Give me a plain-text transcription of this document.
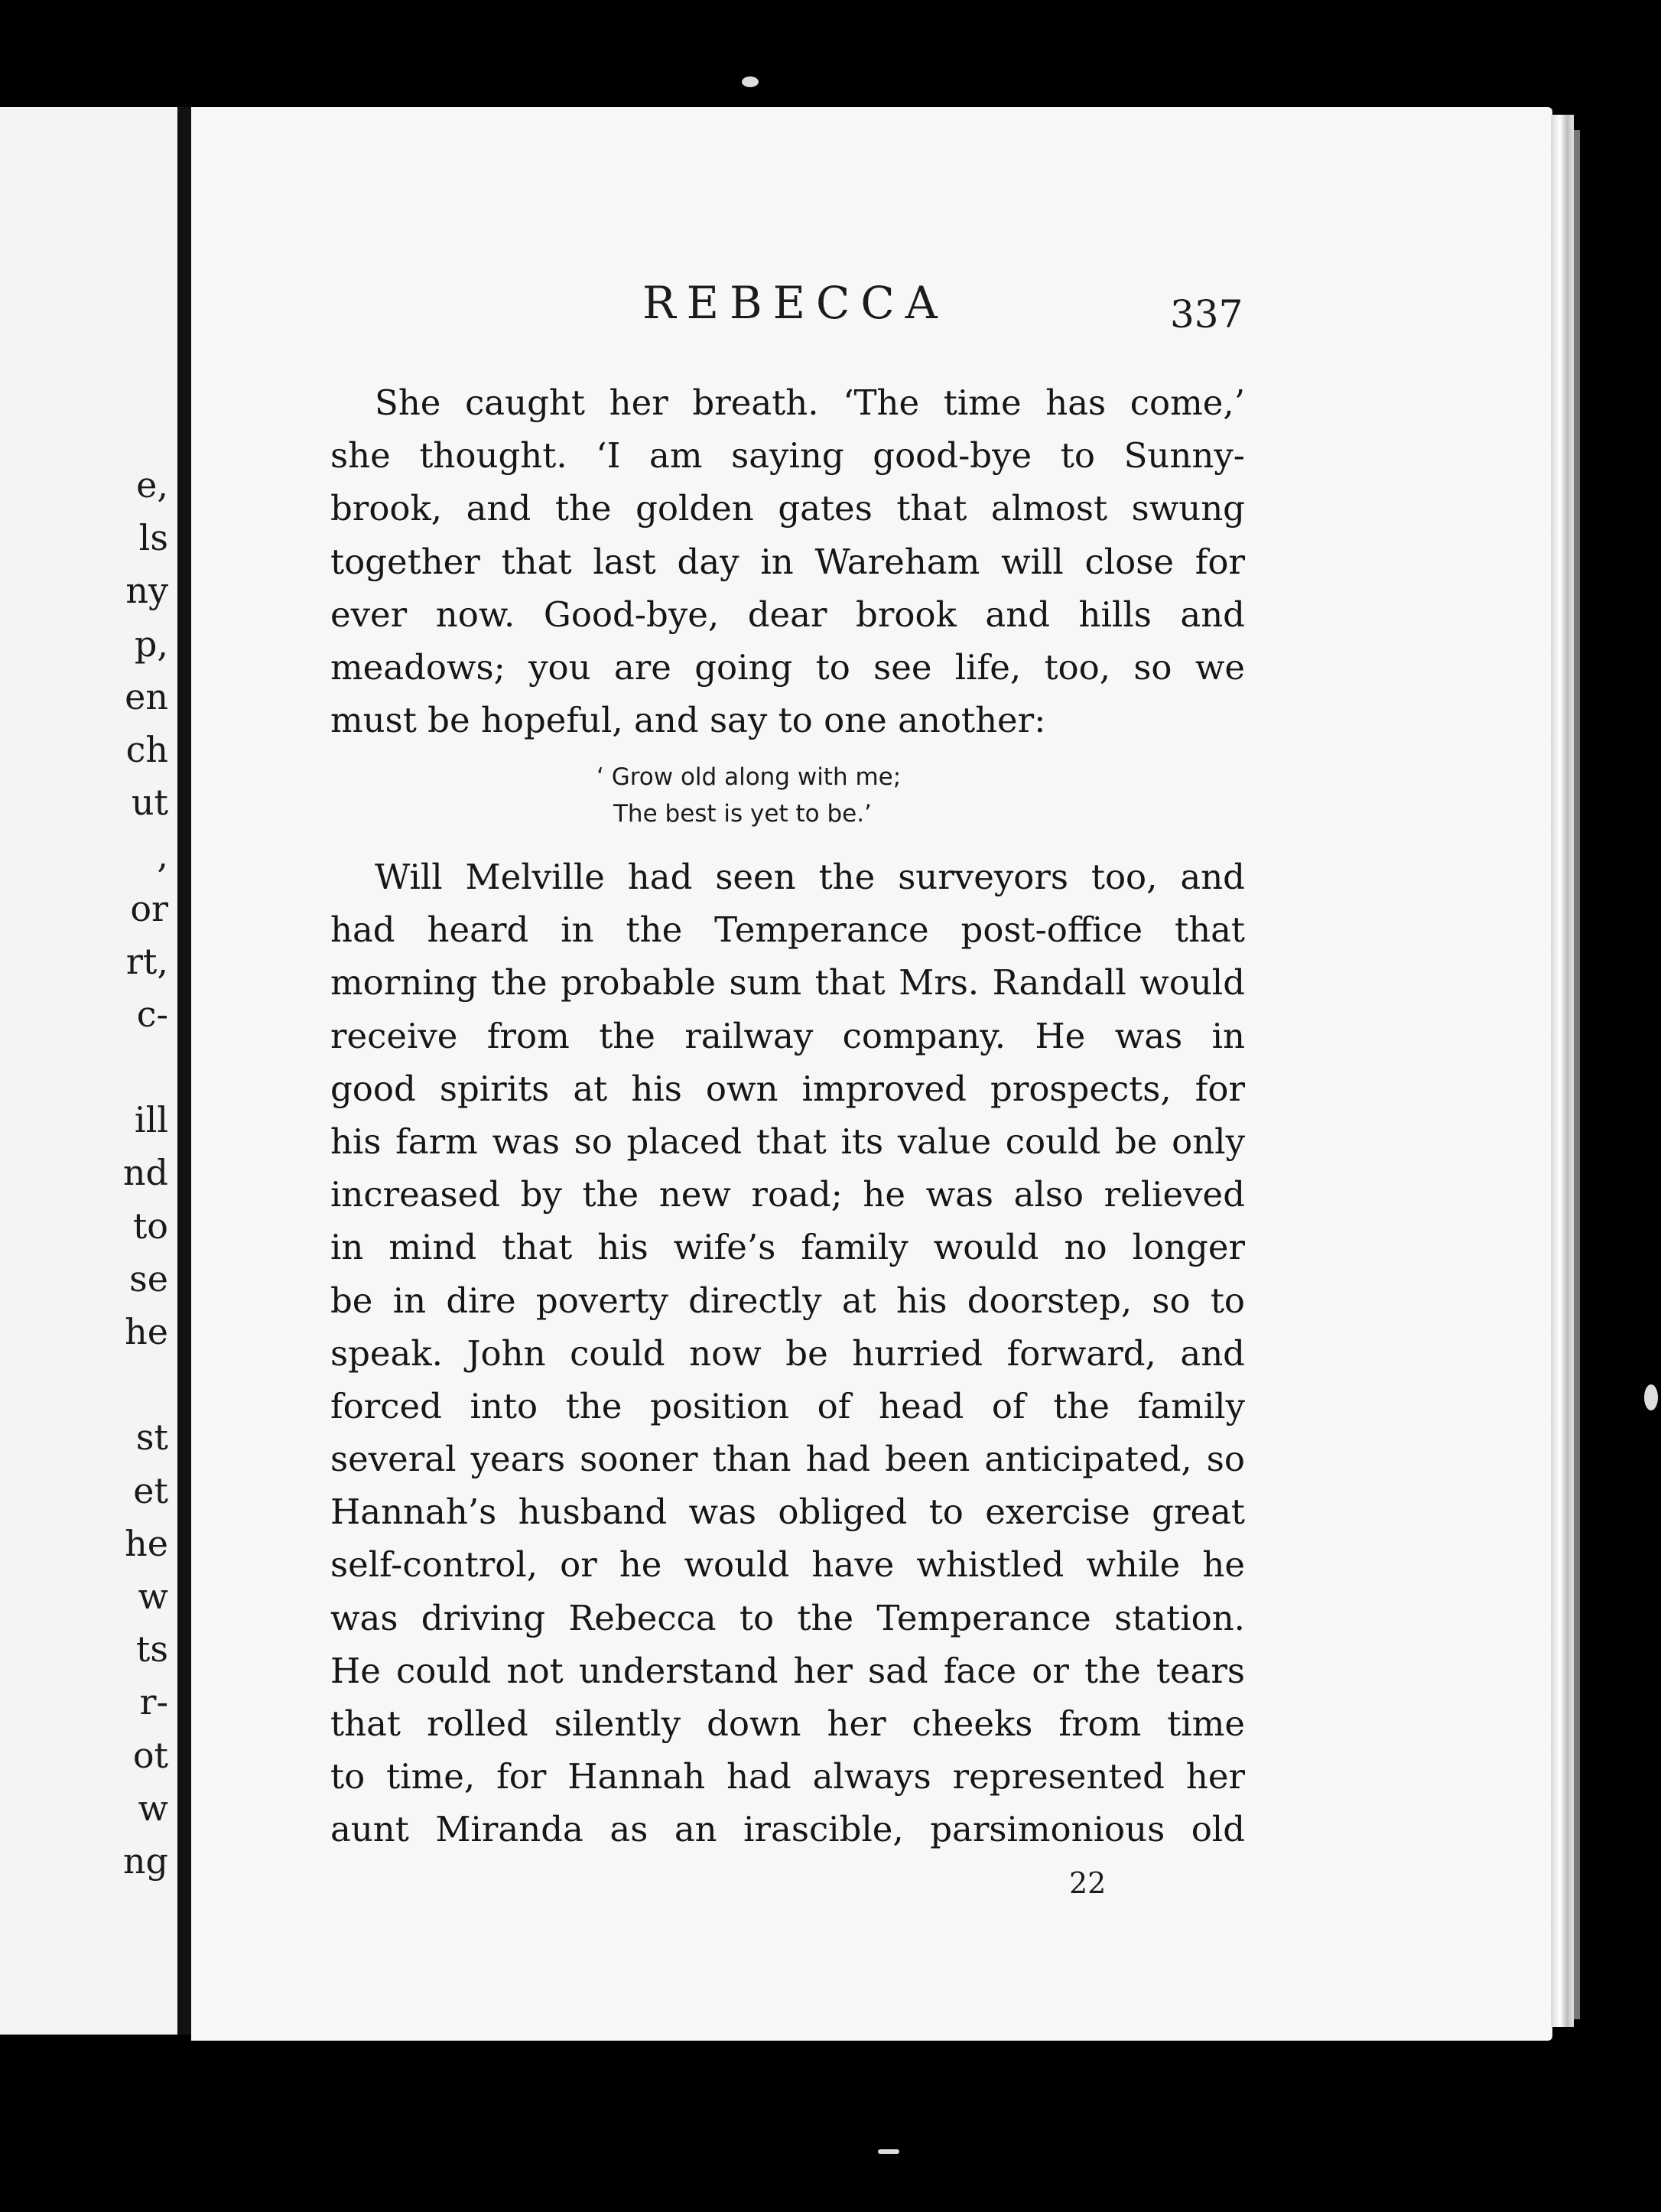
e,
ls
ny
p,
en
ch
ut
,
or
rt,
c-
ill
nd
to
se
he
st
et
he
w
ts
r-
ot
w
ng
REBECCA	337
She caught her breath. ‘The time has come,’
she thought. ‘I am saying good-bye to Sunny-
brook, and the golden gates that almost swung
together that last day in Wareham will close for
ever now. Good-bye, dear brook and hills and
meadows; you are going to see life, too, so we
must be hopeful, and say to one another:
‘ Grow old along with me;
The best is yet to be.’
Will Melville had seen the surveyors too, and
had heard in the Temperance post-office that
morning the probable sum that Mrs. Randall would
receive from the railway company. He was in
good spirits at his own improved prospects, for
his farm was so placed that its value could be only
increased by the new road; he was also relieved
in mind that his wife’s family would no longer
be in dire poverty directly at his doorstep, so to
speak. John could now be hurried forward, and
forced into the position of head of the family
several years sooner than had been anticipated, so
Hannah’s husband was obliged to exercise great
self-control, or he would have whistled while he
was driving Rebecca to the Temperance station.
He could not understand her sad face or the tears
that rolled silently down her cheeks from time
to time, for Hannah had always represented her
aunt Miranda as an irascible, parsimonious old
22
